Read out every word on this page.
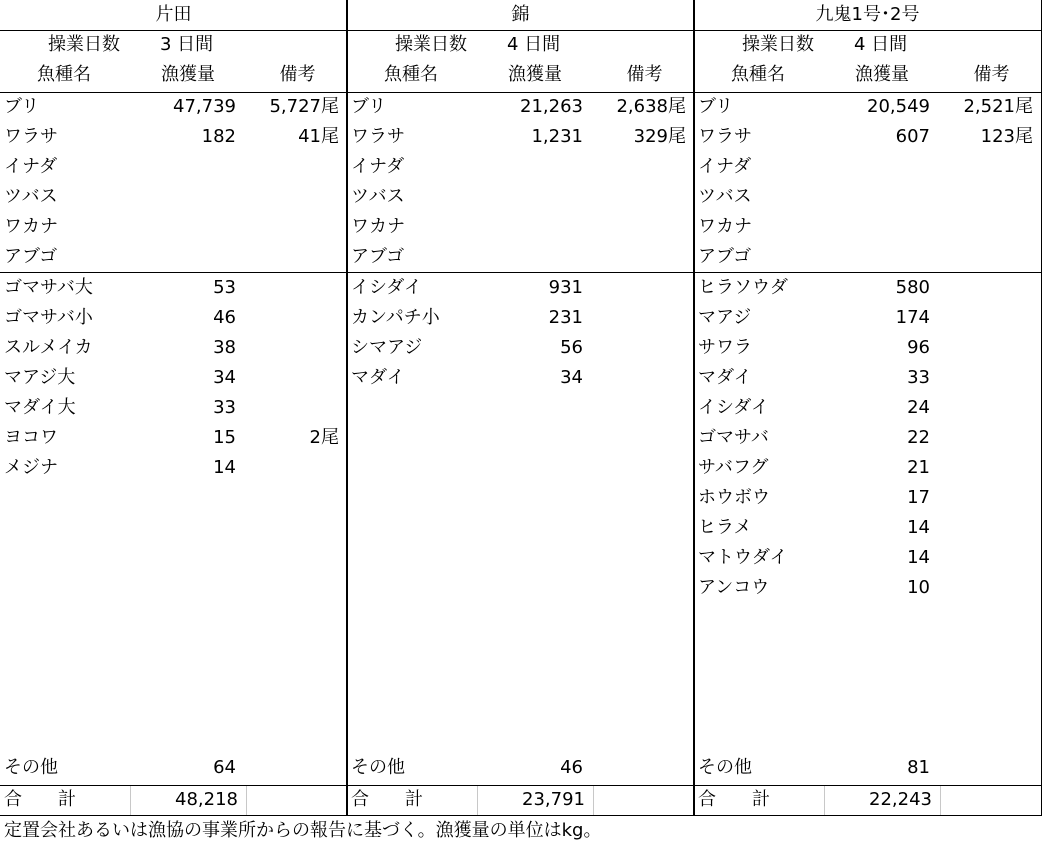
片田
操業日数	3 日間
魚種名	漁獲量	備考
ブリ	47,739	5,727尾
ワラサ	182	41尾
イナダ
ツバス
ワカナ
アブゴ
ゴマサバ大	53
ゴマサバ小	46
スルメイカ	38
マアジ大	34
マダイ大	33
ヨコワ	15	2尾
メジナ	14
その他	64
合　　計	48,218
錦
操業日数	4 日間
魚種名	漁獲量	備考
ブリ	21,263	2,638尾
ワラサ	1,231	329尾
イナダ
ツバス
ワカナ
アブゴ
イシダイ	931
カンパチ小	231
シマアジ	56
マダイ	34
その他	46
合　　計	23,791
九鬼1号･2号
操業日数	4 日間
魚種名	漁獲量	備考
ブリ	20,549	2,521尾
ワラサ	607	123尾
イナダ
ツバス
ワカナ
アブゴ
ヒラソウダ	580
マアジ	174
サワラ	96
マダイ	33
イシダイ	24
ゴマサバ	22
サバフグ	21
ホウボウ	17
ヒラメ	14
マトウダイ	14
アンコウ	10
その他	81
合　　計	22,243
定置会社あるいは漁協の事業所からの報告に基づく。漁獲量の単位はkg。
